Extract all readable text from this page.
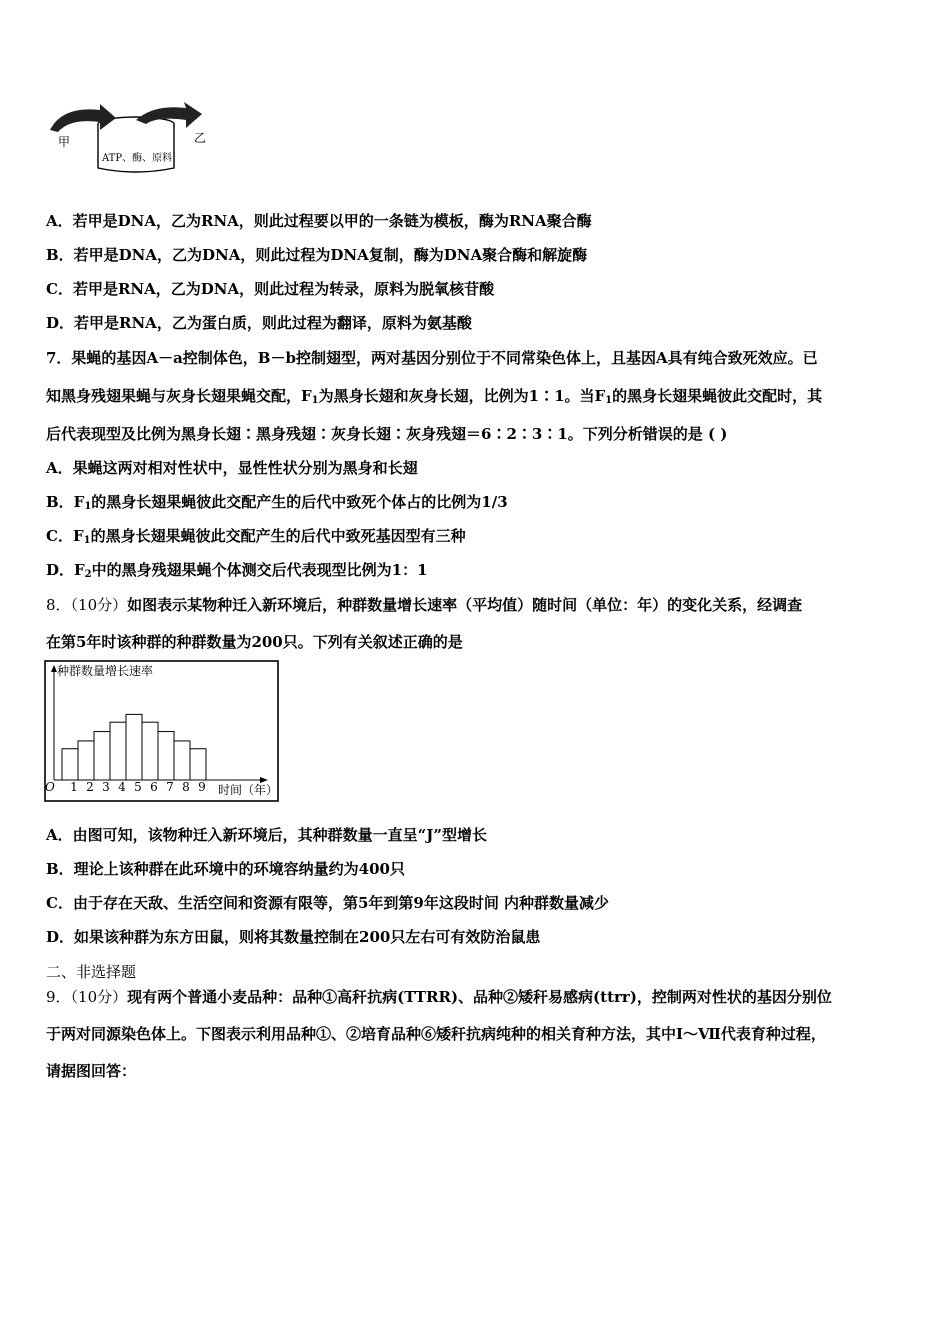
甲	乙
ATP、酶、原料
A．若甲是DNA，乙为RNA，则此过程要以甲的一条链为模板，酶为RNA聚合酶
B．若甲是DNA，乙为DNA，则此过程为DNA复制，酶为DNA聚合酶和解旋酶
C．若甲是RNA，乙为DNA，则此过程为转录，原料为脱氧核苷酸
D．若甲是RNA，乙为蛋白质，则此过程为翻译，原料为氨基酸
7．果蝇的基因A－a控制体色，B－b控制翅型，两对基因分别位于不同常染色体上，且基因A具有纯合致死效应。已
知黑身残翅果蝇与灰身长翅果蝇交配，$F_1$为黑身长翅和灰身长翅，比例为1∶1。当$F_1$的黑身长翅果蝇彼此交配时，其
后代表现型及比例为黑身长翅∶黑身残翅∶灰身长翅∶灰身残翅＝6∶2∶3∶1。下列分析错误的是 ( )
A．果蝇这两对相对性状中，显性性状分别为黑身和长翅
B．$F_1$的黑身长翅果蝇彼此交配产生的后代中致死个体占的比例为1/3
C．$F_1$的黑身长翅果蝇彼此交配产生的后代中致死基因型有三种
D．$F_2$中的黑身残翅果蝇个体测交后代表现型比例为1：1
8．（10分）如图表示某物种迁入新环境后，种群数量增长速率（平均值）随时间（单位：年）的变化关系，经调查
在第5年时该种群的种群数量为200只。下列有关叙述正确的是
种群数量增长速率
时间（年）
O 1 2 3 4 5 6 7 8 9
A．由图可知，该物种迁入新环境后，其种群数量一直呈“J”型增长
B．理论上该种群在此环境中的环境容纳量约为400只
C．由于存在天敌、生活空间和资源有限等，第5年到第9年这段时间 内种群数量减少
D．如果该种群为东方田鼠，则将其数量控制在200只左右可有效防治鼠患
二、非选择题
9．（10分）现有两个普通小麦品种：品种①高秆抗病(TTRR)、品种②矮秆易感病(ttrr)，控制两对性状的基因分别位
于两对同源染色体上。下图表示利用品种①、②培育品种⑥矮秆抗病纯种的相关育种方法，其中Ⅰ～Ⅶ代表育种过程，
请据图回答：
